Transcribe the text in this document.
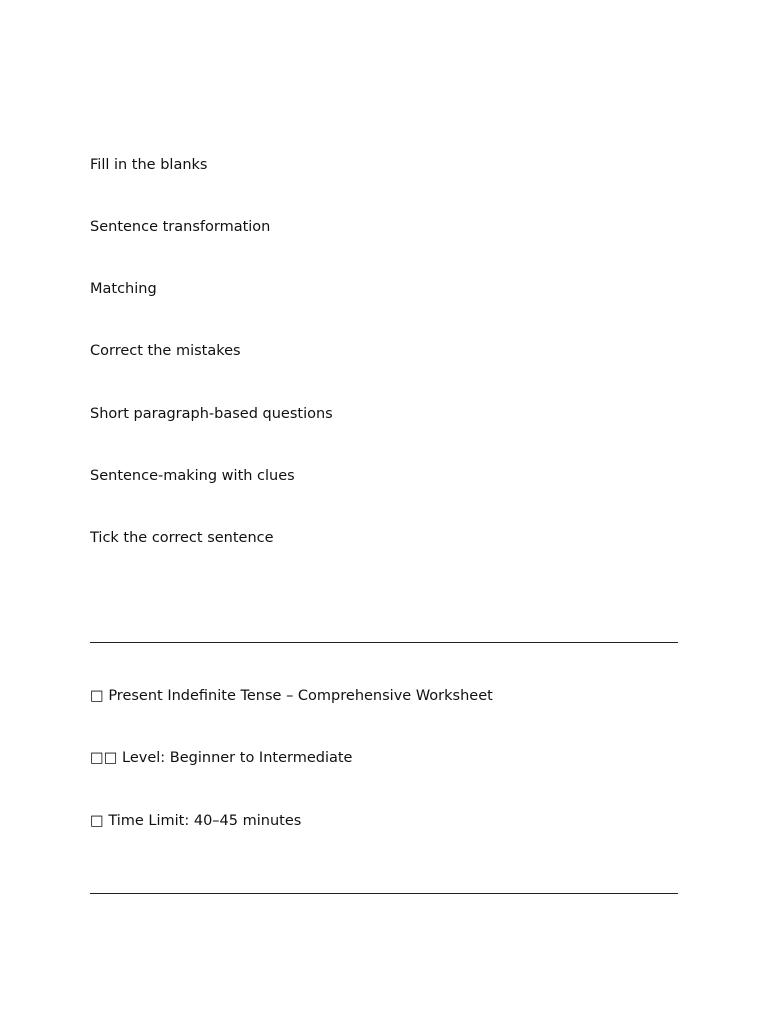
Fill in the blanks
Sentence transformation
Matching
Correct the mistakes
Short paragraph-based questions
Sentence-making with clues
Tick the correct sentence
□ Present Indefinite Tense – Comprehensive Worksheet
□□ Level: Beginner to Intermediate
□ Time Limit: 40–45 minutes
